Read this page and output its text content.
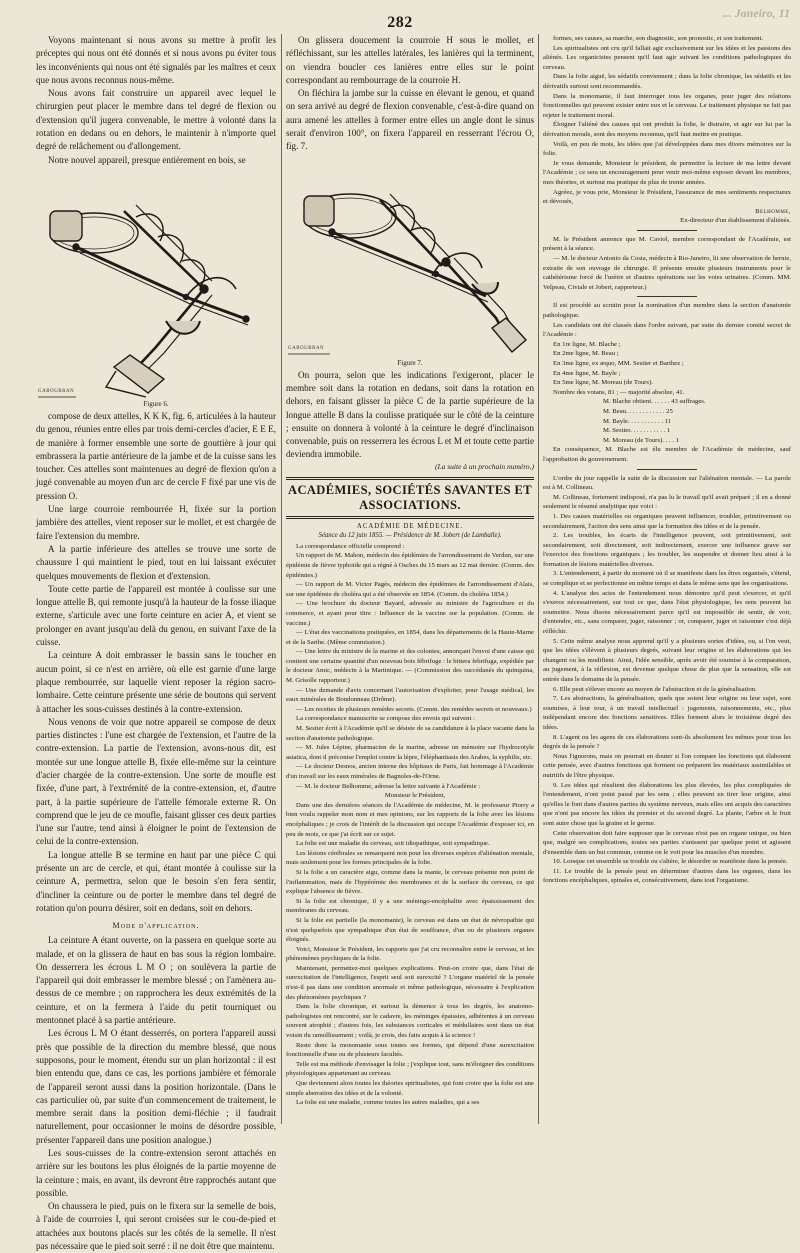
282
... Janeiro, 11

Voyons maintenant si nous avons su mettre à profit les préceptes qui nous ont été donnés et si nous avons pu éviter tous les inconvénients qui nous ont été signalés par les maîtres et ceux que nous avons reconnus nous-même.

Nous avons fait construire un appareil avec lequel le chirurgien peut placer le membre dans tel degré de flexion ou d'extension qu'il jugera convenable, le mettre à volonté dans la rotation en dedans ou en dehors, le maintenir à n'importe quel degré de relâchement ou d'allongement.

Notre nouvel appareil, presque entièrement en bois, se

GAROUBRAN
Figure 6.

compose de deux attelles, K K K, fig. 6, articulées à la hauteur du genou, réunies entre elles par trois demi-cercles d'acier, E E E, de manière à former ensemble une sorte de gouttière à jour qui embrassera la partie antérieure de la jambe et de la cuisse sans les toucher. Ces attelles sont maintenues au degré de flexion qu'on a jugé convenable au moyen d'un arc de cercle F fixé par une vis de pression O.

Une large courroie rembourrée H, fixée sur la portion jambière des attelles, vient reposer sur le mollet, et est chargée de faire l'extension du membre.

A la partie inférieure des attelles se trouve une sorte de chaussure I qui maintient le pied, tout en lui laissant exécuter quelques mouvements de flexion et d'extension.

Toute cette partie de l'appareil est montée à coulisse sur une longue attelle B, qui remonte jusqu'à la hauteur de la fosse iliaque externe, s'articule avec une forte ceinture en acier A, et vient se prolonger en avant jusqu'au delà du genou, en suivant l'axe de la cuisse.

La ceinture A doit embrasser le bassin sans le toucher en aucun point, si ce n'est en arrière, où elle est garnie d'une large plaque rembourrée, sur laquelle vient reposer la région sacro-lombaire. Cette ceinture présente une série de boutons qui servent à attacher les sous-cuisses destinés à la contre-extension.

Nous venons de voir que notre appareil se compose de deux parties distinctes : l'une est chargée de l'extension, et l'autre de la contre-extension. La partie de l'extension, avons-nous dit, est montée sur une longue attelle B, fixée elle-même sur la ceinture d'acier chargée de la contre-extension. Une sorte de moufle est fixée, d'une part, à l'extrémité de la contre-extension, et, d'autre part, à la partie supérieure de l'attelle fémorale externe R. On comprend que le jeu de ce moufle, faisant glisser ces deux parties l'une sur l'autre, tend ainsi à éloigner le point de l'extension de celui de la contre-extension.

La longue attelle B se termine en haut par une pièce C qui présente un arc de cercle, et qui, étant montée à coulisse sur la ceinture A, permettra, selon que le besoin s'en fera sentir, d'incliner la ceinture ou de porter le membre dans tel degré de rotation qu'on pourra désirer, soit en dedans, soit en dehors.

Mode d'application.

La ceinture A étant ouverte, on la passera en quelque sorte au malade, et on la glissera de haut en bas sous la région lombaire. On desserrera les écrous L M O ; on soulèvera la partie de l'appareil qui doit embrasser le membre blessé ; on l'amènera au-dessus de ce membre ; on rapprochera les deux extrémités de la ceinture, et on la fermera à l'aide du petit tourniquet ou mentonnet placé à sa partie antérieure.

Les écrous L M O étant desserrés, on portera l'appareil aussi près que possible de la direction du membre blessé, que nous supposons, pour le moment, étendu sur un plan horizontal : il est bien entendu que, dans ce cas, les portions jambière et fémorale de l'appareil seront aussi dans la position horizontale. (Dans le cas particulier où, par suite d'un commencement de traitement, le membre serait dans la position demi-fléchie ; il faudrait naturellement, pour occasionner le moins de désordre possible, présenter l'appareil dans une position analogue.)

Les sous-cuisses de la contre-extension seront attachés en arrière sur les boutons les plus éloignés de la partie moyenne de la ceinture ; mais, en avant, ils devront être rapprochés autant que possible.

On chaussera le pied, puis on le fixera sur la semelle de bois, à l'aide de courroies I, qui seront croisées sur le cou-de-pied et attachées aux boutons placés sur les côtés de la semelle. Il n'est pas nécessaire que le pied soit serré : il ne doit être que maintenu.

On glissera doucement la courroie H sous le mollet, et réfléchissant, sur les attelles latérales, les lanières qui la terminent, on viendra boucler ces lanières entre elles sur le point correspondant au rembourrage de la courroie H.

On fléchira la jambe sur la cuisse en élevant le genou, et quand on sera arrivé au degré de flexion convenable, c'est-à-dire quand on aura amené les attelles à former entre elles un angle dont le sinus serait d'environ 100°, on fixera l'appareil en resserrant l'écrou O, fig. 7.

GAROUBRAN
Figure 7.

On pourra, selon que les indications l'exigeront, placer le membre soit dans la rotation en dedans, soit dans la rotation en dehors, en faisant glisser la pièce C de la partie supérieure de la longue attelle B dans la coulisse pratiquée sur le côté de la ceinture ; ensuite on donnera à volonté à la ceinture le degré d'inclinaison convenable, puis on resserrera les écrous L et M et toute cette partie deviendra immobile.

(La suite à un prochain numéro.)
ACADÉMIES, SOCIÉTÉS SAVANTES ET ASSOCIATIONS.
ACADÉMIE DE MÉDECINE.
Séance du 12 juin 1855. — Présidence de M. Jobert (de Lamballe).

La correspondance officielle comprend :

Un rapport de M. Mahon, médecin des épidémies de l'arrondissement de Verdun, sur une épidémie de fièvre typhoïde qui a régné à Osches du 15 mars au 12 mai dernier. (Comm. des épidémies.)

— Un rapport de M. Victor Pagès, médecin des épidémies de l'arrondissement d'Alais, sur une épidémie de choléra qui a été observée en 1854. (Comm. du choléra 1854.)

— Une brochure du docteur Bayard, adressée au ministre de l'agriculture et du commerce, et ayant pour titre : Influence de la vaccine sur la population. (Comm. de vaccine.)

— L'état des vaccinations pratiquées, en 1854, dans les départements de la Haute-Marne et de la Sarthe. (Même commission.)

— Une lettre du ministre de la marine et des colonies, annonçant l'envoi d'une caisse qui contient une certaine quantité d'un nouveau bois fébrifuge : le bittera febrifuga, expédiée par le docteur Amic, médecin à la Martinique. — (Commission des succédanés du quinquina, M. Grisolle rapporteur.)

— Une demande d'avis concernant l'autorisation d'exploiter, pour l'usage médical, les eaux minérales de Bondonneau (Drôme).

— Les recettes de plusieurs remèdes secrets. (Comm. des remèdes secrets et nouveaux.)

La correspondance manuscrite se compose des envois qui suivent :

M. Sestier écrit à l'Académie qu'il se désiste de sa candidature à la place vacante dans la section d'anatomie pathologique.

— M. Jules Lépine, pharmacien de la marine, adresse un mémoire sur l'hydrocotyle asiatica, dont il préconise l'emploi contre la lèpre, l'éléphantiasis des Arabes, la syphilis, etc.

— Le docteur Desnos, ancien interne des hôpitaux de Paris, fait hommage à l'Académie d'un travail sur les eaux minérales de Bagnoles-de-l'Orne.

— M. le docteur Belhomme, adresse la lettre suivante à l'Académie :

Monsieur le Président,

Dans une des dernières séances de l'Académie de médecine, M. le professeur Piorry a bien voulu rappeler mon nom et mes opinions, sur les rapports de la folie avec les lésions encéphaliques ; je crois de l'intérêt de la discussion qui occupe l'Académie d'exposer ici, en peu de mots, ce que j'ai écrit sur ce sujet.

La folie est une maladie du cerveau, soit idiopathique, soit sympathique.

Les lésions cérébrales se remarquent non pour les diverses espèces d'aliénation mentale, mais seulement pour les formes principales de la folie.

Si la folie a un caractère aigu, comme dans la manie, le cerveau présente non point de l'inflammation, mais de l'hypérémie des membranes et de la surface du cerveau, ce qui explique l'absence de fièvre.

Si la folie est chronique, il y a une méningo-encéphalite avec épaississement des membranes du cerveau.

Si la folie est partielle (la monomanie), le cerveau est dans un état de névropathie qui n'est quelquefois que sympathique d'un état de souffrance, d'un ou de plusieurs organes éloignés.

Voici, Monsieur le Président, les rapports que j'ai cru reconnaître entre le cerveau, et les phénomènes psychiques de la folie.

Maintenant, permettez-moi quelques explications. Peut-on croire que, dans l'état de surexcitation de l'intelligence, l'esprit seul soit surexcité ? L'organe matériel de la pensée n'est-il pas dans une condition anormale et même pathologique, nécessaire à l'explication des phénomènes psychiques ?

Dans la folie chronique, et surtout la démence à tous les degrés, les anatomo-pathologistes ont rencontré, sur le cadavre, les méninges épaissies, adhérentes à un cerveau souvent atrophié ; d'autres fois, les substances corticales et médullaires sont dans un état voisin du ramollissement ; voilà, je crois, des faits acquis à la science !

Reste donc la monomanie sous toutes ses formes, qui dépend d'une surexcitation fonctionnelle d'une ou de plusieurs facultés.

Telle est ma méthode d'envisager la folie ; j'explique tout, sans m'éloigner des conditions physiologiques appartenant au cerveau.

Que deviennent alors toutes les théories spiritualistes, qui font croire que la folie est une simple aberration des idées et de la volonté.

La folie est une maladie, comme toutes les autres maladies, qui a ses

formes, ses causes, sa marche, son diagnostic, son pronostic, et son traitement.

Les spiritualistes ont cru qu'il fallait agir exclusivement sur les idées et les passions des aliénés. Les organicistes pensent qu'il faut agir suivant les conditions pathologiques du cerveau.

Dans la folie aiguë, les sédatifs conviennent ; dans la folie chronique, les sédatifs et les dérivatifs surtout sont recommandés.

Dans la monomanie, il faut interroger tous les organes, pour juger des relations fonctionnelles qui peuvent exister entre eux et le cerveau. Le traitement physique ne fait pas rejeter le traitement moral.

Éloigner l'aliéné des causes qui ont produit la folie, le distraire, et agir sur lui par la dérivation morale, sont des moyens reconnus, qu'il faut mettre en pratique.

Voilà, en peu de mots, les idées que j'ai développées dans mes divers mémoires sur la folie.

Je vous demande, Monsieur le président, de permettre la lecture de ma lettre devant l'Académie ; ce sera un encouragement pour venir moi-même exposer devant les membres, mes théories, et surtout ma pratique de plus de trente années.

Agréez, je vous prie, Monsieur le Président, l'assurance de mes sentiments respectueux et dévoués,

Belhomme,
Ex-directeur d'un établissement d'aliénés.

M. le Président annonce que M. Caviol, membre correspondant de l'Académie, est présent à la séance.

— M. le docteur Antonio da Costa, médecin à Rio-Janeiro, lit une observation de hernie, extraite de son ouvrage de chirurgie. Il présente ensuite plusieurs instruments pour le cathétérisme forcé de l'urètre et d'autres opérations sur les voies urinaires. (Comm. MM. Velpeau, Civiale et Jobert, rapporteur.)

Il est procédé au scrutin pour la nomination d'un membre dans la section d'anatomie pathologique.

Les candidats ont été classés dans l'ordre suivant, par suite du dernier comité secret de l'Académie :

En 1re ligne, M. Blache ;
En 2me ligne, M. Beau ;
En 3me ligne, ex æquo, MM. Sestier et Barthez ;
En 4me ligne, M. Bayle ;
En 5me ligne, M. Moreau (de Tours).
Nombre des votans, 81 ; — majorité absolue, 41.
M. Blache obtient. . . . . . 43 suffrages.
M. Beau. . . . . . . . . . . . 25
M. Bayle. . . . . . . . . . . 11
M. Sestier. . . . . . . . . . . 1
M. Moreau (de Tours). . . . 1

En conséquence, M. Blache est élu membre de l'Académie de médecine, sauf l'approbation du gouvernement.

L'ordre du jour rappelle la suite de la discussion sur l'aliénation mentale. — La parole est à M. Collineau.

M. Collineau, fortement indisposé, n'a pas lu le travail qu'il avait préparé ; il en a donné seulement le résumé analytique que voici :

1. Des causes matérielles ou organiques peuvent influencer, troubler, primitivement ou secondairement, l'action des sens ainsi que la formation des idées et de la pensée.

2. Les troubles, les écarts de l'intelligence peuvent, soit primitivement, soit secondairement, soit directement, soit indirectement, exercer une influence grave sur l'exercice des fonctions organiques ; les troubler, les suspendre et donner lieu ainsi à la formation de lésions matérielles diverses.

3. L'entendement, à partir du moment où il se manifeste dans les êtres organisés, s'étend, se complique et se perfectionne en même temps et dans le même sens que les organisations.

4. L'analyse des actes de l'entendement nous démontre qu'il peut s'exercer, et qu'il s'exerce nécessairement, sur tout ce que, dans l'état physiologique, les sens peuvent lui soumettre. Nous disons nécessairement parce qu'il est impossible de sentir, de voir, d'entendre, etc., sans comparer, juger, raisonner ; or, comparer, juger et raisonner c'est déjà réfléchir.

5. Cette même analyse nous apprend qu'il y a plusieurs sortes d'idées, ou, si l'on veut, que les idées s'élèvent à plusieurs degrés, suivant leur origine et les élaborations qui les changent ou les modifient. Ainsi, l'idée sensible, après avoir été soumise à la comparaison, au jugement, à la réflexion, est devenue quelque chose de plus que la sensation, elle est entrée dans le domaine de la pensée.

6. Elle peut s'élever encore au moyen de l'abstraction et de la généralisation.

7. Les abstractions, la généralisation, quels que soient leur origine ou leur sujet, sont soumises, à leur tour, à un travail intellectuel : jugements, raisonnements, etc., plus indépendant encore des fonctions sensitives. Elles forment alors le troisième degré des idées.

8. L'agent ou les agens de ces élaborations sont-ils absolument les mêmes pour tous les degrés de la pensée ?

Nous l'ignorons, mais on pourrait en douter si l'on compare les fonctions qui élaborent cette pensée, avec d'autres fonctions qui forment ou préparent les matériaux assimilables et nutritifs de l'être physique.

9. Les idées qui résultent des élaborations les plus élevées, les plus compliquées de l'entendement, n'ont point passé par les sens ; elles peuvent en tirer leur origine, ainsi qu'elles le font dans d'autres parties du système nerveux, mais elles ont acquis des caractères que n'ont pas encore les idées du premier et du second degré. La plante, l'arbre et le fruit sont autre chose que la graine et le germe.

Cette observation doit faire supposer que le cerveau n'est pas un organe unique, ou bien que, malgré ses complications, toutes ses parties s'unissent par quelque point et agissent d'ensemble dans un but commun, comme on le voit pour les muscles d'un membre.

10. Lorsque cet ensemble se trouble ou s'altère, le désordre se manifeste dans la pensée.

11. Le trouble de la pensée peut en déterminer d'autres dans les organes, dans les fonctions encéphaliques, spinales et, consécutivement, dans tout l'organisme.
